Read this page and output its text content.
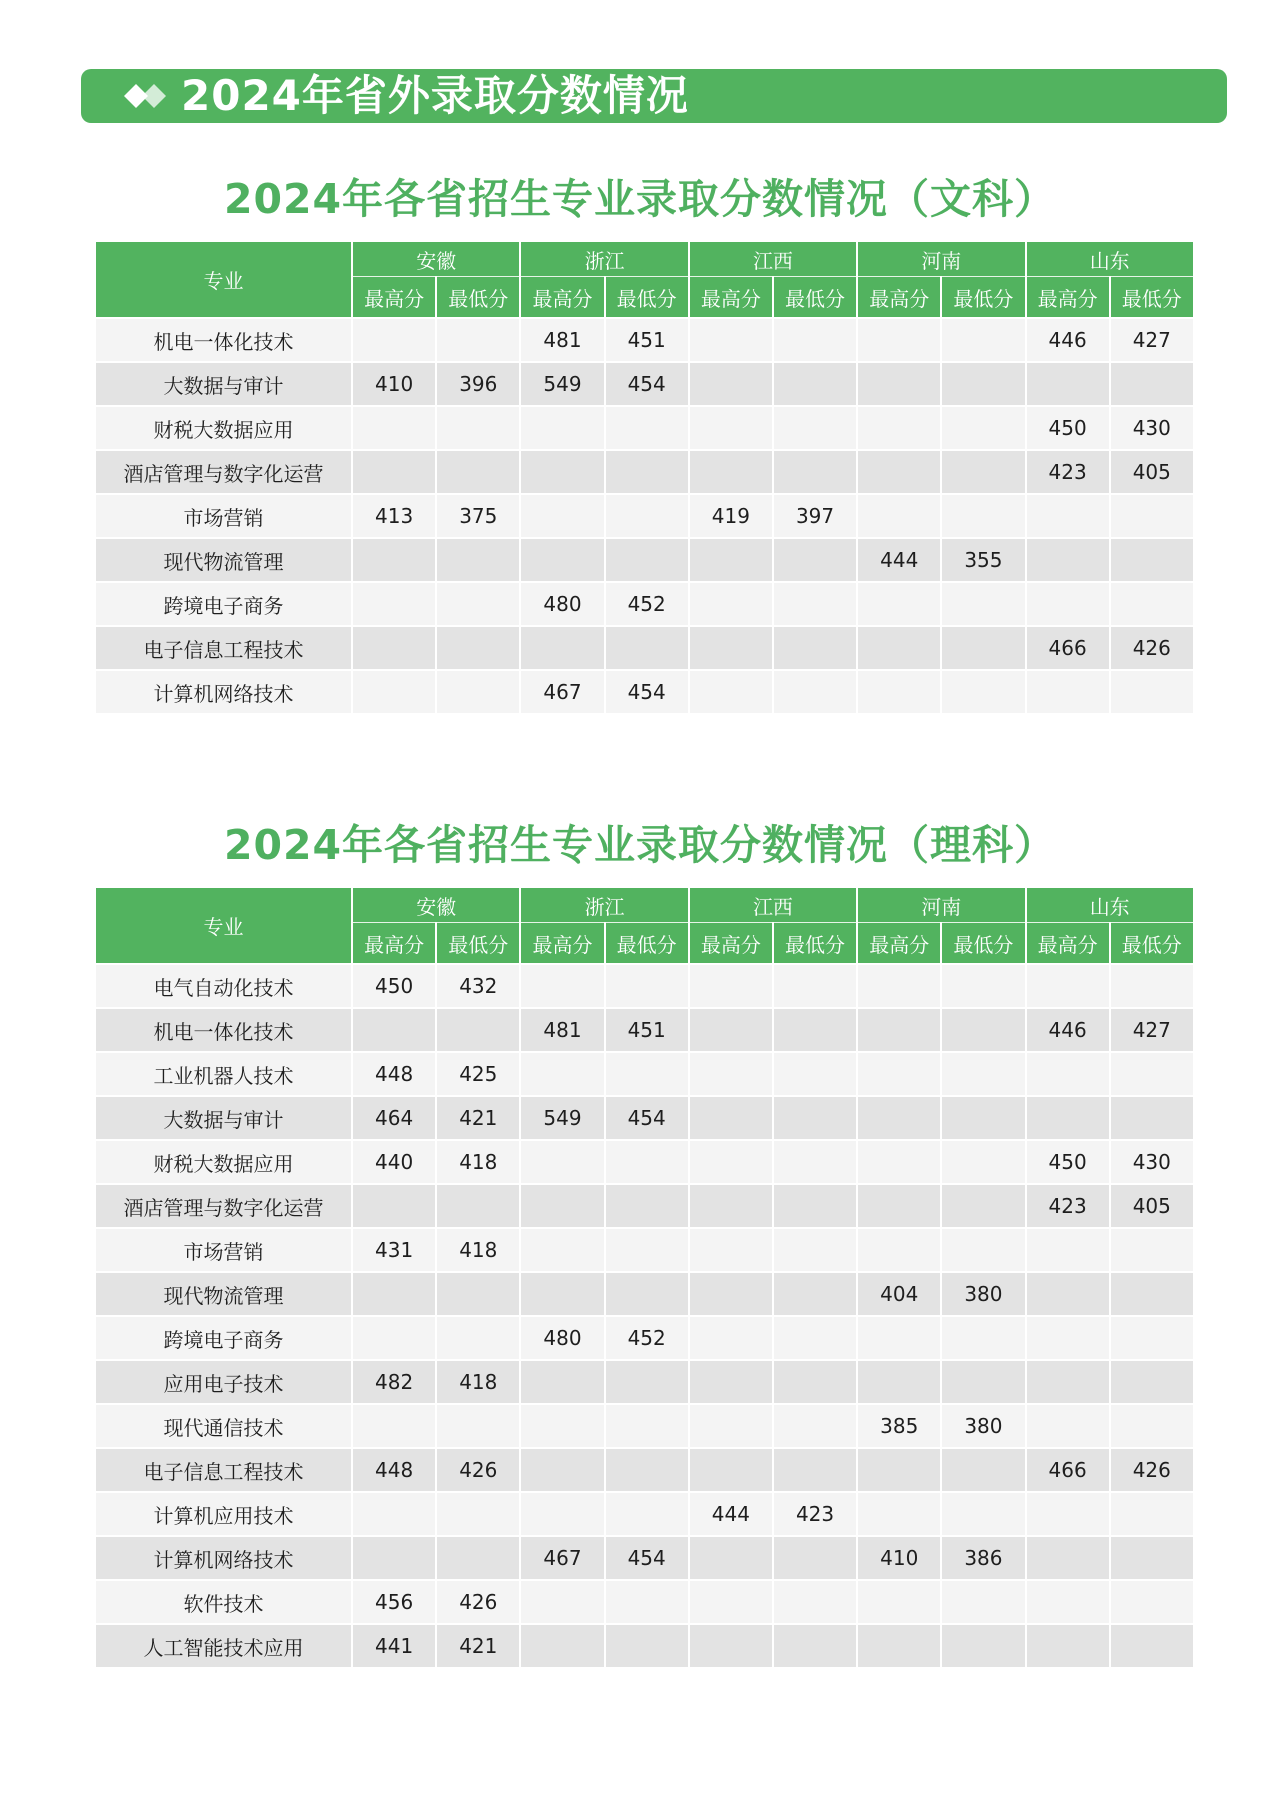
2024年省外录取分数情况
2024年各省招生专业录取分数情况（文科）
专业	安徽		浙江		江西		河南		山东	
	最高分	最低分	最高分	最低分	最高分	最低分	最高分	最低分	最高分	最低分
机电一体化技术			481	451					446	427
大数据与审计	410	396	549	454						
财税大数据应用									450	430
酒店管理与数字化运营									423	405
市场营销	413	375			419	397				
现代物流管理							444	355		
跨境电子商务			480	452						
电子信息工程技术									466	426
计算机网络技术			467	454						
2024年各省招生专业录取分数情况（理科）
专业	安徽		浙江		江西		河南		山东	
	最高分	最低分	最高分	最低分	最高分	最低分	最高分	最低分	最高分	最低分
电气自动化技术	450	432								
机电一体化技术			481	451					446	427
工业机器人技术	448	425								
大数据与审计	464	421	549	454						
财税大数据应用	440	418							450	430
酒店管理与数字化运营									423	405
市场营销	431	418								
现代物流管理							404	380		
跨境电子商务			480	452						
应用电子技术	482	418								
现代通信技术							385	380		
电子信息工程技术	448	426							466	426
计算机应用技术					444	423				
计算机网络技术			467	454			410	386		
软件技术	456	426								
人工智能技术应用	441	421								
